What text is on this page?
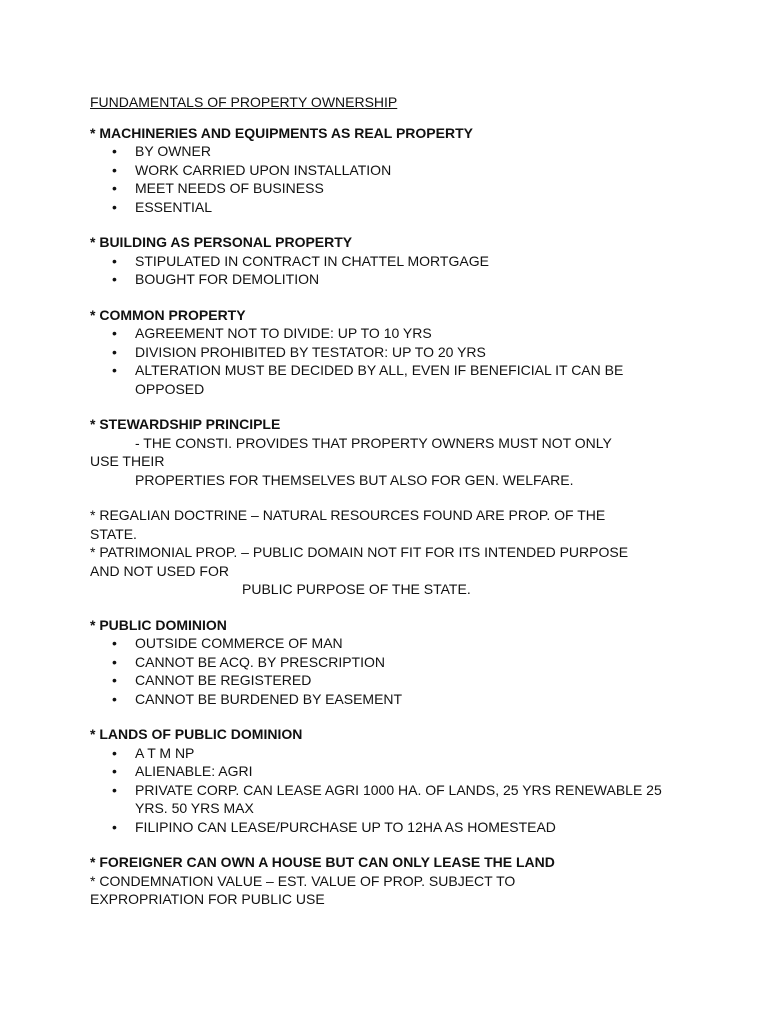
FUNDAMENTALS OF PROPERTY OWNERSHIP
* MACHINERIES AND EQUIPMENTS AS REAL PROPERTY
• BY OWNER
• WORK CARRIED UPON INSTALLATION
• MEET NEEDS OF BUSINESS
• ESSENTIAL
* BUILDING AS PERSONAL PROPERTY
• STIPULATED IN CONTRACT IN CHATTEL MORTGAGE
• BOUGHT FOR DEMOLITION
* COMMON PROPERTY
• AGREEMENT NOT TO DIVIDE: UP TO 10 YRS
• DIVISION PROHIBITED BY TESTATOR: UP TO 20 YRS
• ALTERATION MUST BE DECIDED BY ALL, EVEN IF BENEFICIAL IT CAN BE OPPOSED
* STEWARDSHIP PRINCIPLE
- THE CONSTI. PROVIDES THAT PROPERTY OWNERS MUST NOT ONLY
USE THEIR
PROPERTIES FOR THEMSELVES BUT ALSO FOR GEN. WELFARE.
* REGALIAN DOCTRINE – NATURAL RESOURCES FOUND ARE PROP. OF THE
STATE.
* PATRIMONIAL PROP. – PUBLIC DOMAIN NOT FIT FOR ITS INTENDED PURPOSE
AND NOT USED FOR
PUBLIC PURPOSE OF THE STATE.
* PUBLIC DOMINION
• OUTSIDE COMMERCE OF MAN
• CANNOT BE ACQ. BY PRESCRIPTION
• CANNOT BE REGISTERED
• CANNOT BE BURDENED BY EASEMENT
* LANDS OF PUBLIC DOMINION
• A T M NP
• ALIENABLE: AGRI
• PRIVATE CORP. CAN LEASE AGRI 1000 HA. OF LANDS, 25 YRS RENEWABLE 25 YRS. 50 YRS MAX
• FILIPINO CAN LEASE/PURCHASE UP TO 12HA AS HOMESTEAD
* FOREIGNER CAN OWN A HOUSE BUT CAN ONLY LEASE THE LAND
* CONDEMNATION VALUE – EST. VALUE OF PROP. SUBJECT TO
EXPROPRIATION FOR PUBLIC USE
